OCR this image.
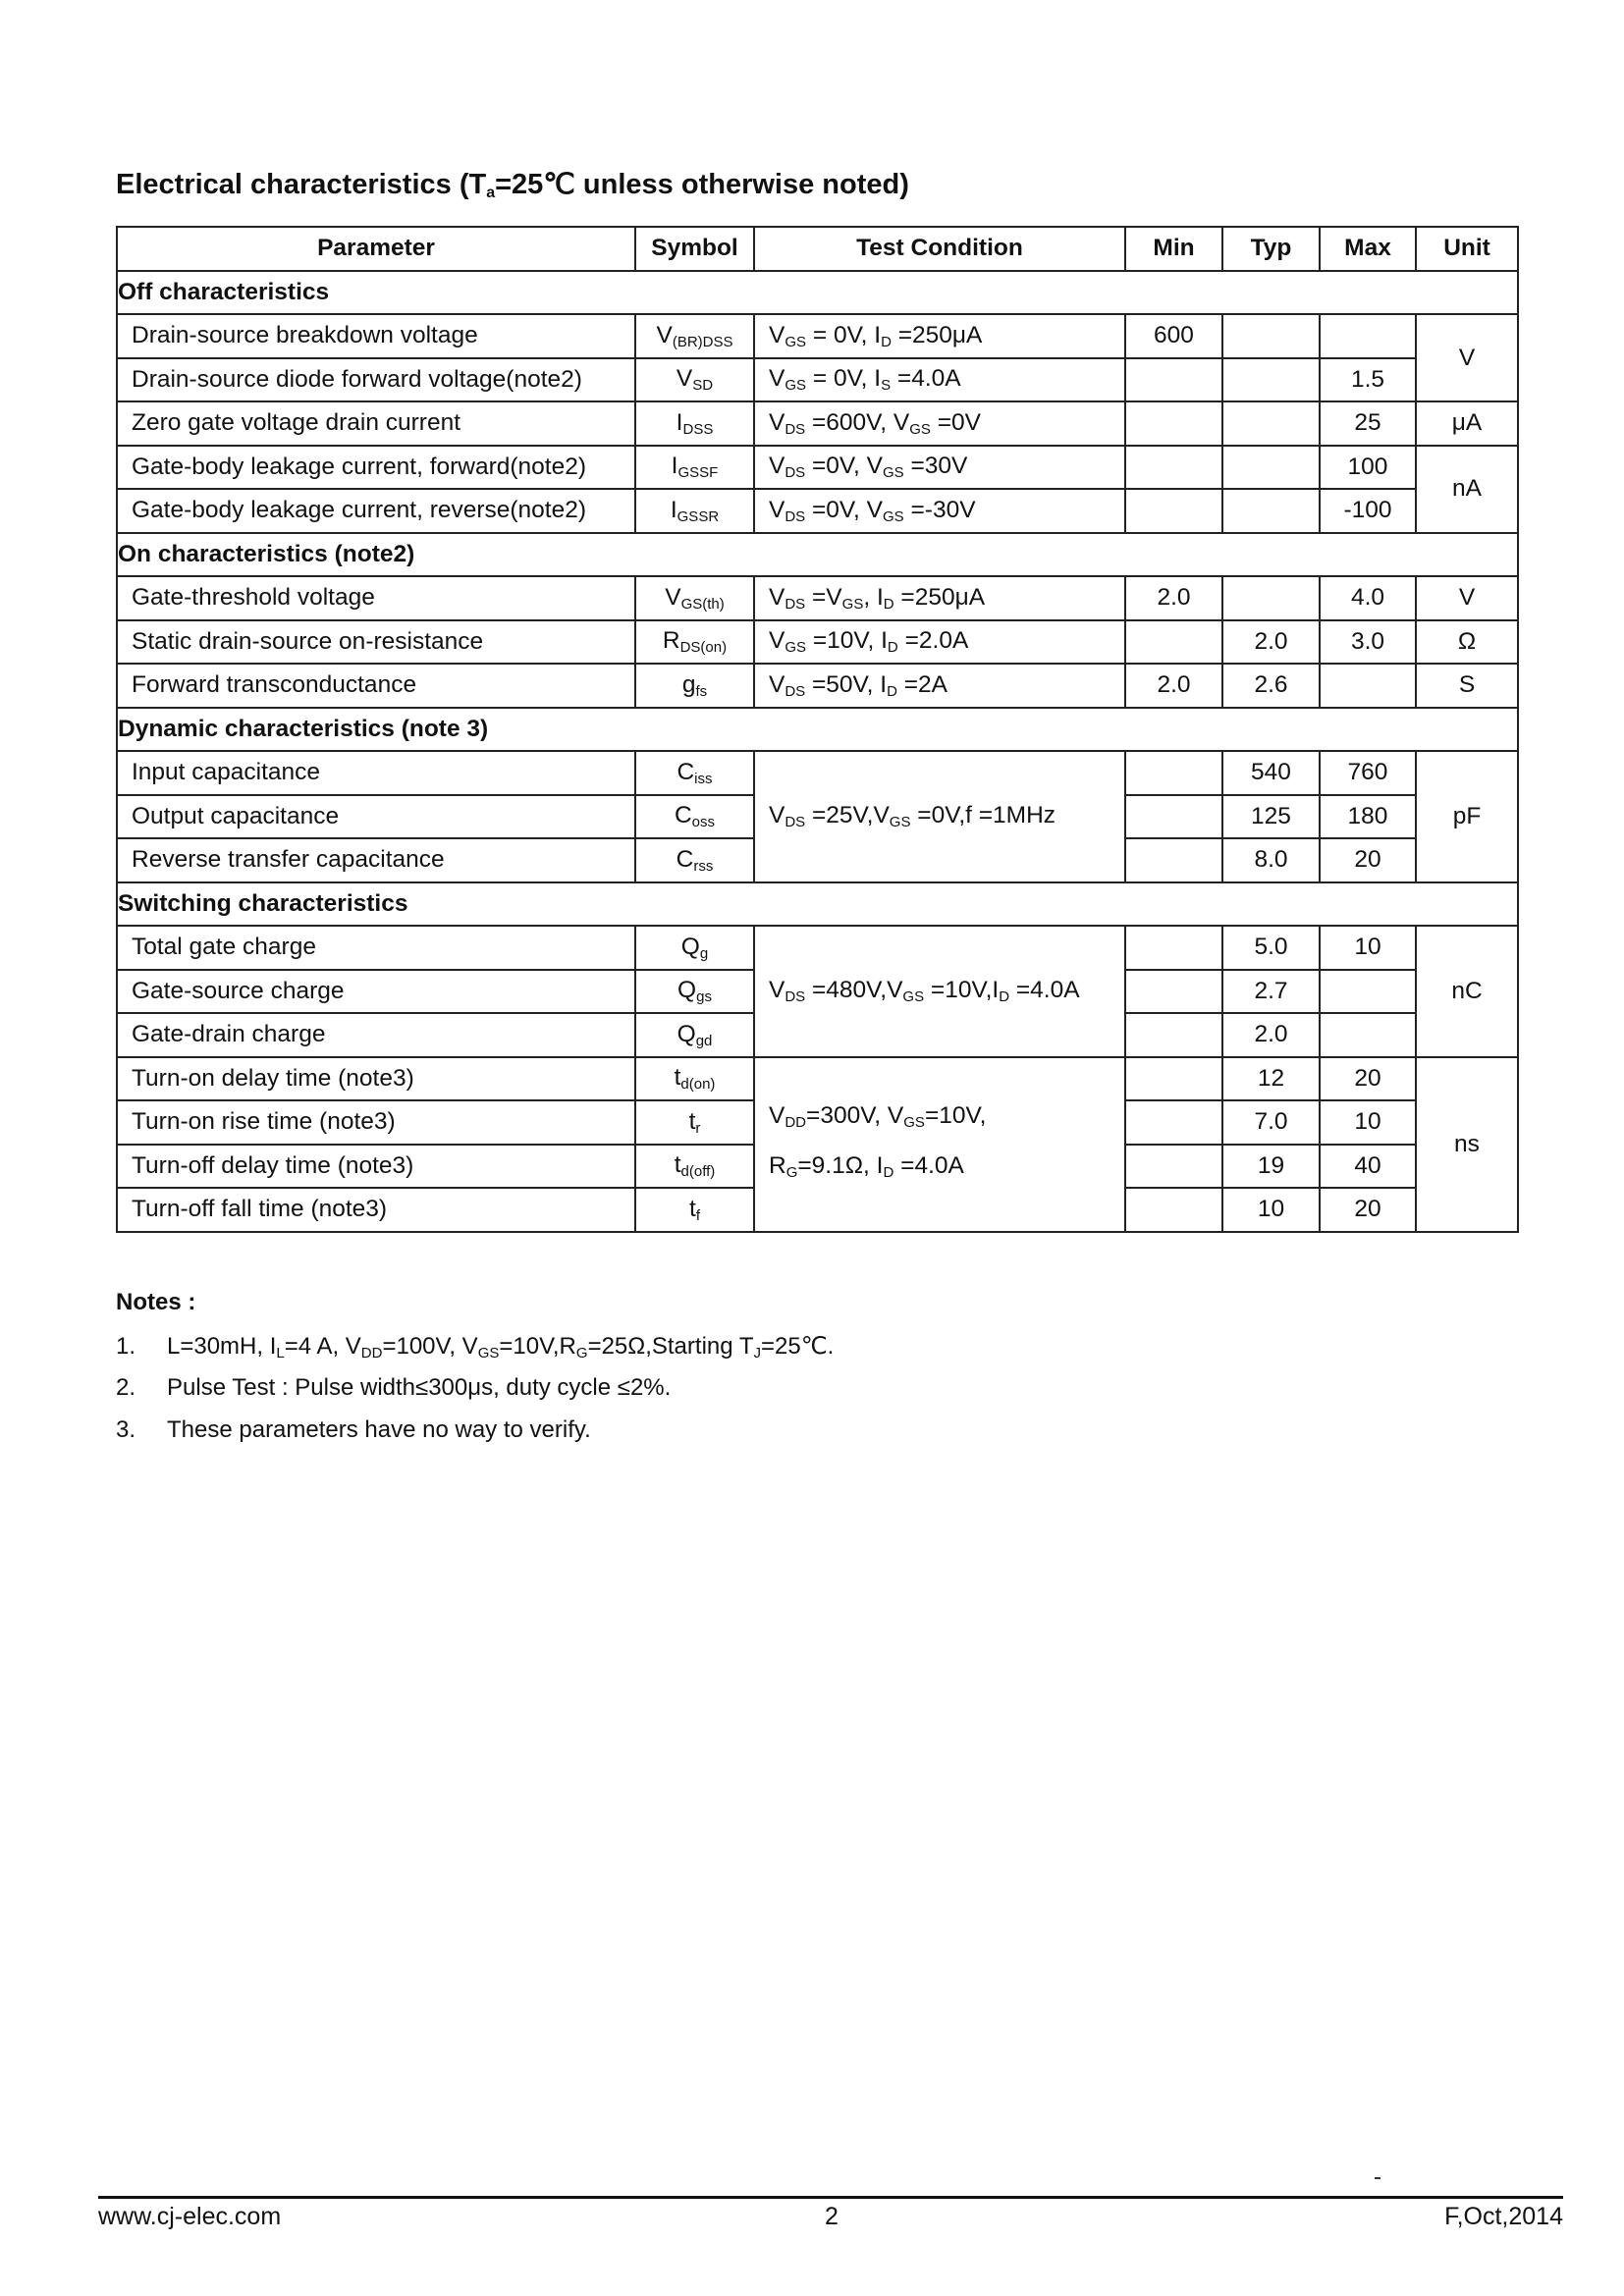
Electrical characteristics ($T_a=25℃$ unless otherwise noted)
Parameter	Symbol	Test Condition	Min	Typ	Max	Unit
Off characteristics						
Drain-source breakdown voltage	$V_{(BR)DSS}$	$V_{GS} = 0V$, $I_D =250\mu A$	600			V
Drain-source diode forward voltage(note2)	$V_{SD}$	$V_{GS} = 0V$, $I_S =4.0A$			1.5	
Zero gate voltage drain current	$I_{DSS}$	$V_{DS} =600V$, $V_{GS} =0V$			25	μA
Gate-body leakage current, forward(note2)	$I_{GSSF}$	$V_{DS} =0V$, $V_{GS} =30V$			100	nA
Gate-body leakage current, reverse(note2)	$I_{GSSR}$	$V_{DS} =0V$, $V_{GS} =-30V$			-100	
On characteristics (note2)						
Gate-threshold voltage	$V_{GS(th)}$	$V_{DS} =V_{GS}$, $I_D =250\mu A$	2.0		4.0	V
Static drain-source on-resistance	$R_{DS(on)}$	$V_{GS} =10V$, $I_D =2.0A$		2.0	3.0	Ω
Forward transconductance	$g_{fs}$	$V_{DS} =50V$, $I_D =2A$	2.0	2.6		S
Dynamic characteristics (note 3)						
Input capacitance	$C_{iss}$	$V_{DS} =25V,V_{GS} =0V,f =1MHz$		540	760	pF
Output capacitance	$C_{oss}$			125	180	
Reverse transfer capacitance	$C_{rss}$			8.0	20	
Switching characteristics						
Total gate charge	$Q_g$	$V_{DS} =480V,V_{GS} =10V,I_D =4.0A$		5.0	10	nC
Gate-source charge	$Q_{gs}$			2.7		
Gate-drain charge	$Q_{gd}$			2.0		
Turn-on delay time (note3)	$t_{d(on)}$	$V_{DD}=300V$, $V_{GS}=10V$,
$R_G=9.1\Omega$, $I_D =4.0A$		12	20	ns
Turn-on rise time (note3)	$t_r$			7.0	10	
Turn-off delay time (note3)	$t_{d(off)}$			19	40	
Turn-off fall time (note3)	$t_f$			10	20	
Notes :
1. L=30mH, $I_L=4$ A, $V_{DD}=100V$, $V_{GS}=10V,R_G=25\Omega,Starting$ $T_J=25℃$.
2. Pulse Test : Pulse width≤300μs, duty cycle ≤2%.
3. These parameters have no way to verify.
www.cj-elec.com	2	F,Oct,2014
